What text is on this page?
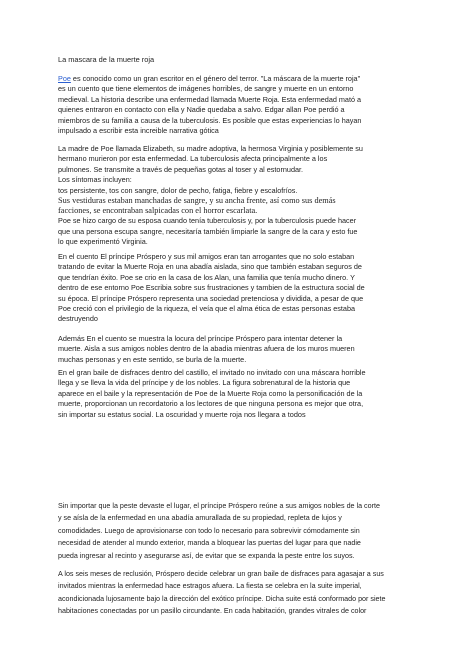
La mascara de la muerte roja

Poe es conocido como un gran escritor en el género del terror. "La máscara de la muerte roja"

es un cuento que tiene elementos de imágenes horribles, de sangre y muerte en un entorno

medieval. La historia describe una enfermedad llamada Muerte Roja. Esta enfermedad mató a

quienes entraron en contacto con ella y Nadie quedaba a salvo. Edgar allan Poe perdió a

miembros de su familia a causa de la tuberculosis. Es posible que estas experiencias lo hayan

impulsado a escribir esta increible narrativa gótica

La madre de Poe llamada Elizabeth, su madre adoptiva, la hermosa Virginia y posiblemente su

hermano murieron por esta enfermedad. La tuberculosis afecta principalmente a los

pulmones. Se transmite a través de pequeñas gotas al toser y al estornudar.

Los síntomas incluyen:

tos persistente, tos con sangre, dolor de pecho, fatiga, fiebre y escalofríos.

Sus vestiduras estaban manchadas de sangre, y su ancha frente, así como sus demás

facciones, se encontraban salpicadas con el horror escarlata.

Poe se hizo cargo de su esposa cuando tenía tuberculosis y, por la tuberculosis puede hacer

que una persona escupa sangre, necesitaría también limpiarle la sangre de la cara y esto fue

lo que experimentó Virginia.

En el cuento El príncipe Próspero y sus mil amigos eran tan arrogantes que no solo estaban

tratando de evitar la Muerte Roja en una abadía aislada, sino que también estaban seguros de

que tendrían éxito. Poe se crio en la casa de los Alan, una familia que tenía mucho dinero. Y

dentro de ese entorno Poe Escribia sobre sus frustraciones y tambien de la estructura social de

su época. El príncipe Próspero representa una sociedad pretenciosa y dividida, a pesar de que

Poe creció con el privilegio de la riqueza, el veía que el alma ética de estas personas estaba

destruyendo

Además En el cuento se muestra la locura del príncipe Próspero para intentar detener la

muerte. Aisla a sus amigos nobles dentro de la abadia mientras afuera de los muros mueren

muchas personas y en este sentido, se burla de la muerte.

En el gran baile de disfraces dentro del castillo, el invitado no invitado con una máscara horrible

llega y se lleva la vida del príncipe y de los nobles. La figura sobrenatural de la historia que

aparece en el baile y la representación de Poe de la Muerte Roja como la personificación de la

muerte, proporcionan un recordatorio a los lectores de que ninguna persona es mejor que otra,

sin importar su estatus social. La oscuridad y muerte roja nos llegara a todos

Sin importar que la peste devaste el lugar, el príncipe Próspero reúne a sus amigos nobles de la corte

y se aísla de la enfermedad en una abadía amurallada de su propiedad, repleta de lujos y

comodidades. Luego de aprovisionarse con todo lo necesario para sobrevivir cómodamente sin

necesidad de atender al mundo exterior, manda a bloquear las puertas del lugar para que nadie

pueda ingresar al recinto y asegurarse así, de evitar que se expanda la peste entre los suyos.

A los seis meses de reclusión, Próspero decide celebrar un gran baile de disfraces para agasajar a sus

invitados mientras la enfermedad hace estragos afuera. La fiesta se celebra en la suite imperial,

acondicionada lujosamente bajo la dirección del exótico príncipe. Dicha suite está conformado por siete

habitaciones conectadas por un pasillo circundante. En cada habitación, grandes vitrales de color
